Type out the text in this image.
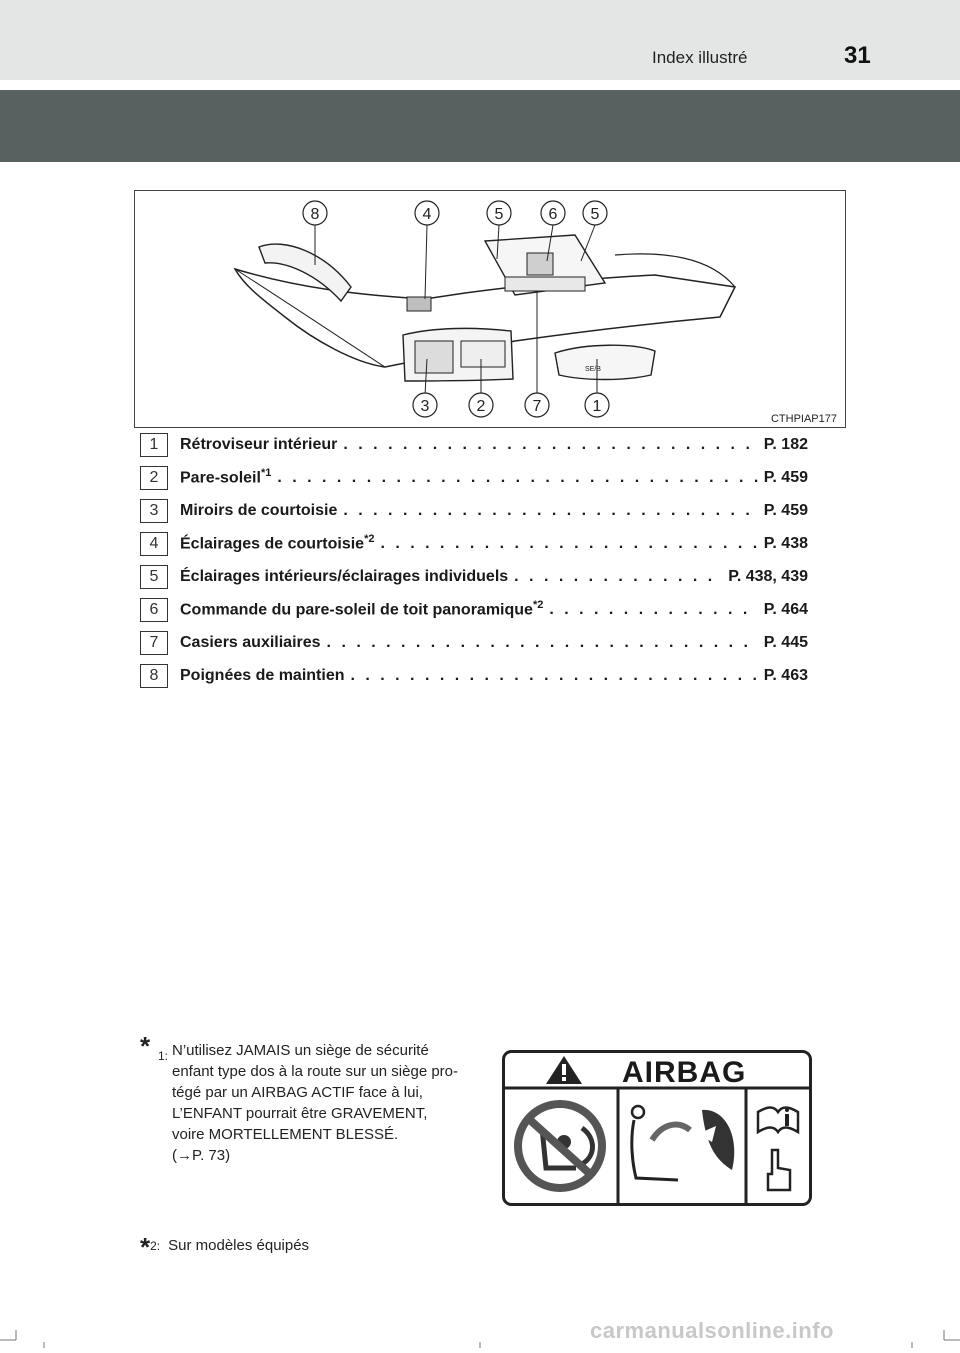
Index illustré	31
SE/B
8	4	5	6 5
3	2	7	1
CTHPIAP177
1	Rétroviseur intérieur . . .	P. 182
2	Pare-soleil$^{*1}$ . . .	P. 459
3	Miroirs de courtoisie . . .	P. 459
4	Éclairages de courtoisie$^{*2}$ . . .	P. 438
5	Éclairages intérieurs/éclairages individuels . . .	P. 438, 439
6	Commande du pare-soleil de toit panoramique$^{*2}$ . . .	P. 464
7	Casiers auxiliaires . . .	P. 445
8	Poignées de maintien . . .	P. 463
* 1: N’utilisez JAMAIS un siège de sécurité
enfant type dos à la route sur un siège pro-
tégé par un AIRBAG ACTIF face à lui,
L’ENFANT pourrait être GRAVEMENT,
voire MORTELLEMENT BLESSÉ.
(→P. 73)
*2: Sur modèles équipés
AIRBAG
carmanualsonline.info
